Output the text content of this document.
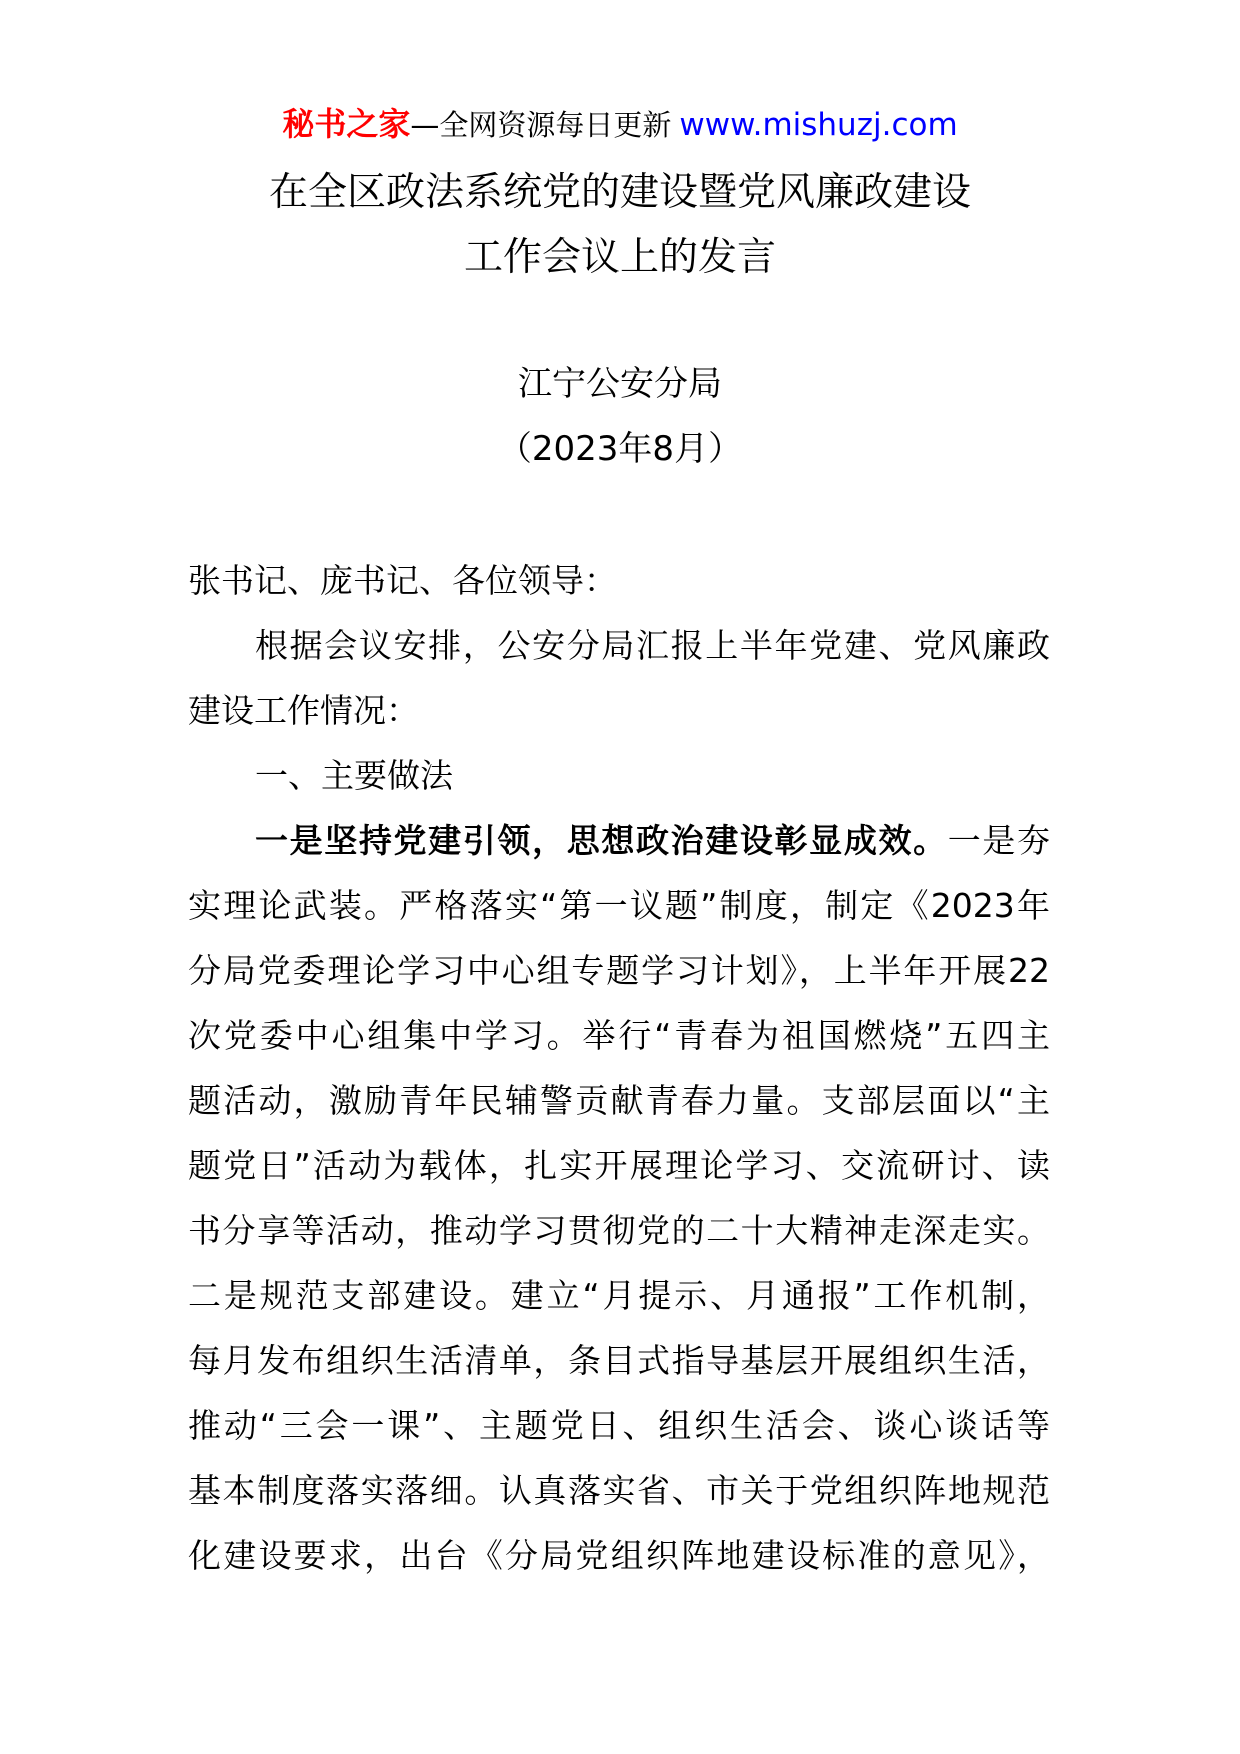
秘书之家—全网资源每日更新 www.mishuzj.com
在全区政法系统党的建设暨党风廉政建设
工作会议上的发言
江宁公安分局
（2023年8月）
张书记、庞书记、各位领导：
根据会议安排，公安分局汇报上半年党建、党风廉政
建设工作情况：
一、主要做法
一是坚持党建引领，思想政治建设彰显成效。一是夯
实理论武装。严格落实“第一议题”制度，制定《2023年
分局党委理论学习中心组专题学习计划》，上半年开展22
次党委中心组集中学习。举行“青春为祖国燃烧”五四主
题活动，激励青年民辅警贡献青春力量。支部层面以“主
题党日”活动为载体，扎实开展理论学习、交流研讨、读
书分享等活动，推动学习贯彻党的二十大精神走深走实。
二是规范支部建设。建立“月提示、月通报”工作机制，
每月发布组织生活清单，条目式指导基层开展组织生活，
推动“三会一课”、主题党日、组织生活会、谈心谈话等
基本制度落实落细。认真落实省、市关于党组织阵地规范
化建设要求，出台《分局党组织阵地建设标准的意见》，
